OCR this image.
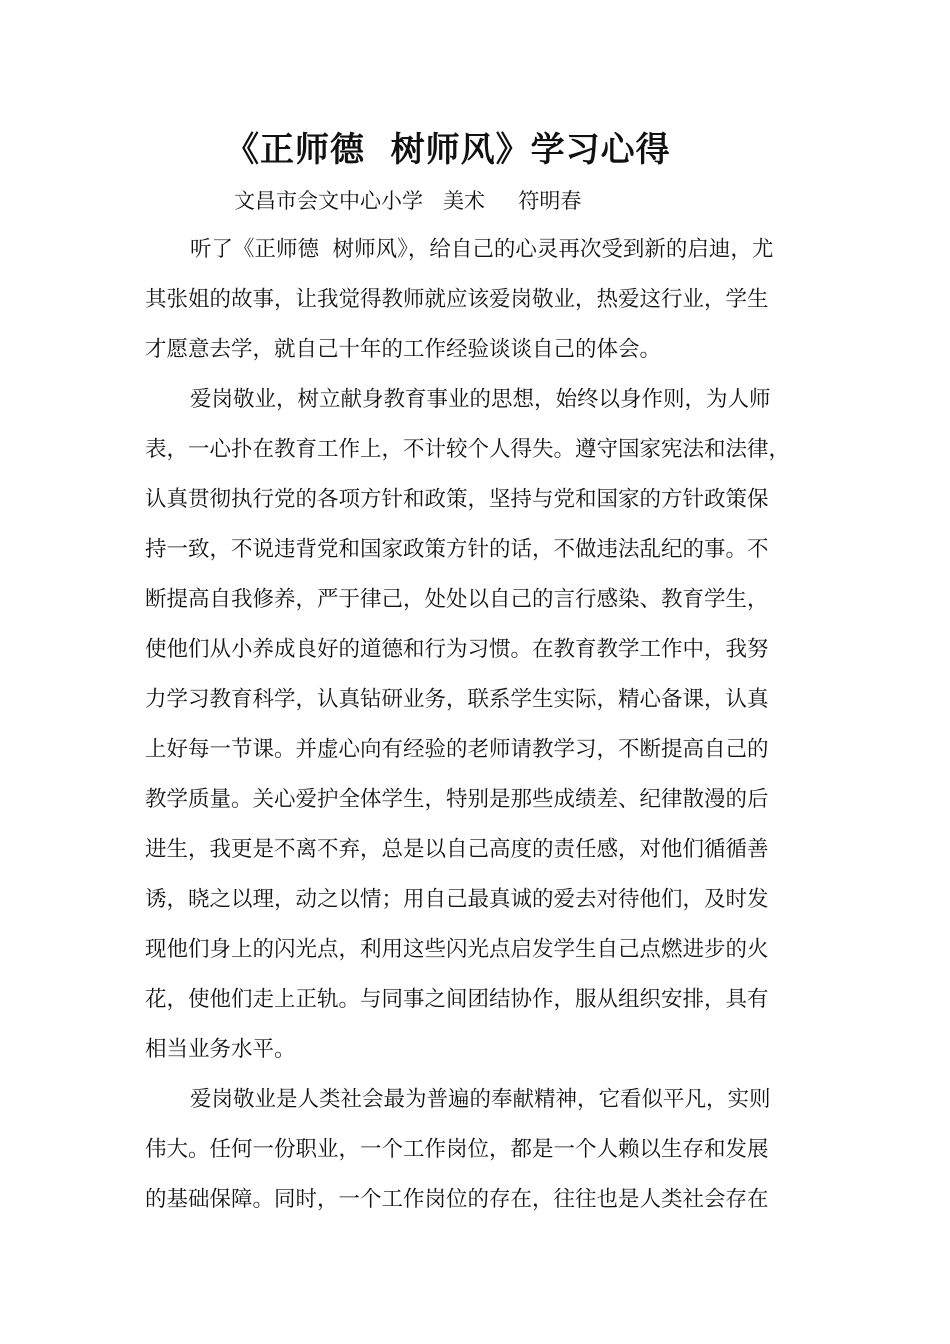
《正师德  树师风》学习心得
文昌市会文中心小学   美术     符明春
听了《正师德  树师风》，给自己的心灵再次受到新的启迪，尤
其张姐的故事，让我觉得教师就应该爱岗敬业，热爱这行业，学生
才愿意去学，就自己十年的工作经验谈谈自己的体会。
爱岗敬业，树立献身教育事业的思想，始终以身作则，为人师
表，一心扑在教育工作上，不计较个人得失。遵守国家宪法和法律，
认真贯彻执行党的各项方针和政策，坚持与党和国家的方针政策保
持一致，不说违背党和国家政策方针的话，不做违法乱纪的事。不
断提高自我修养，严于律己，处处以自己的言行感染、教育学生，
使他们从小养成良好的道德和行为习惯。在教育教学工作中，我努
力学习教育科学，认真钻研业务，联系学生实际，精心备课，认真
上好每一节课。并虚心向有经验的老师请教学习，不断提高自己的
教学质量。关心爱护全体学生，特别是那些成绩差、纪律散漫的后
进生，我更是不离不弃，总是以自己高度的责任感，对他们循循善
诱，晓之以理，动之以情；用自己最真诚的爱去对待他们，及时发
现他们身上的闪光点，利用这些闪光点启发学生自己点燃进步的火
花，使他们走上正轨。与同事之间团结协作，服从组织安排，具有
相当业务水平。
爱岗敬业是人类社会最为普遍的奉献精神，它看似平凡，实则
伟大。任何一份职业，一个工作岗位，都是一个人赖以生存和发展
的基础保障。同时，一个工作岗位的存在，往往也是人类社会存在
